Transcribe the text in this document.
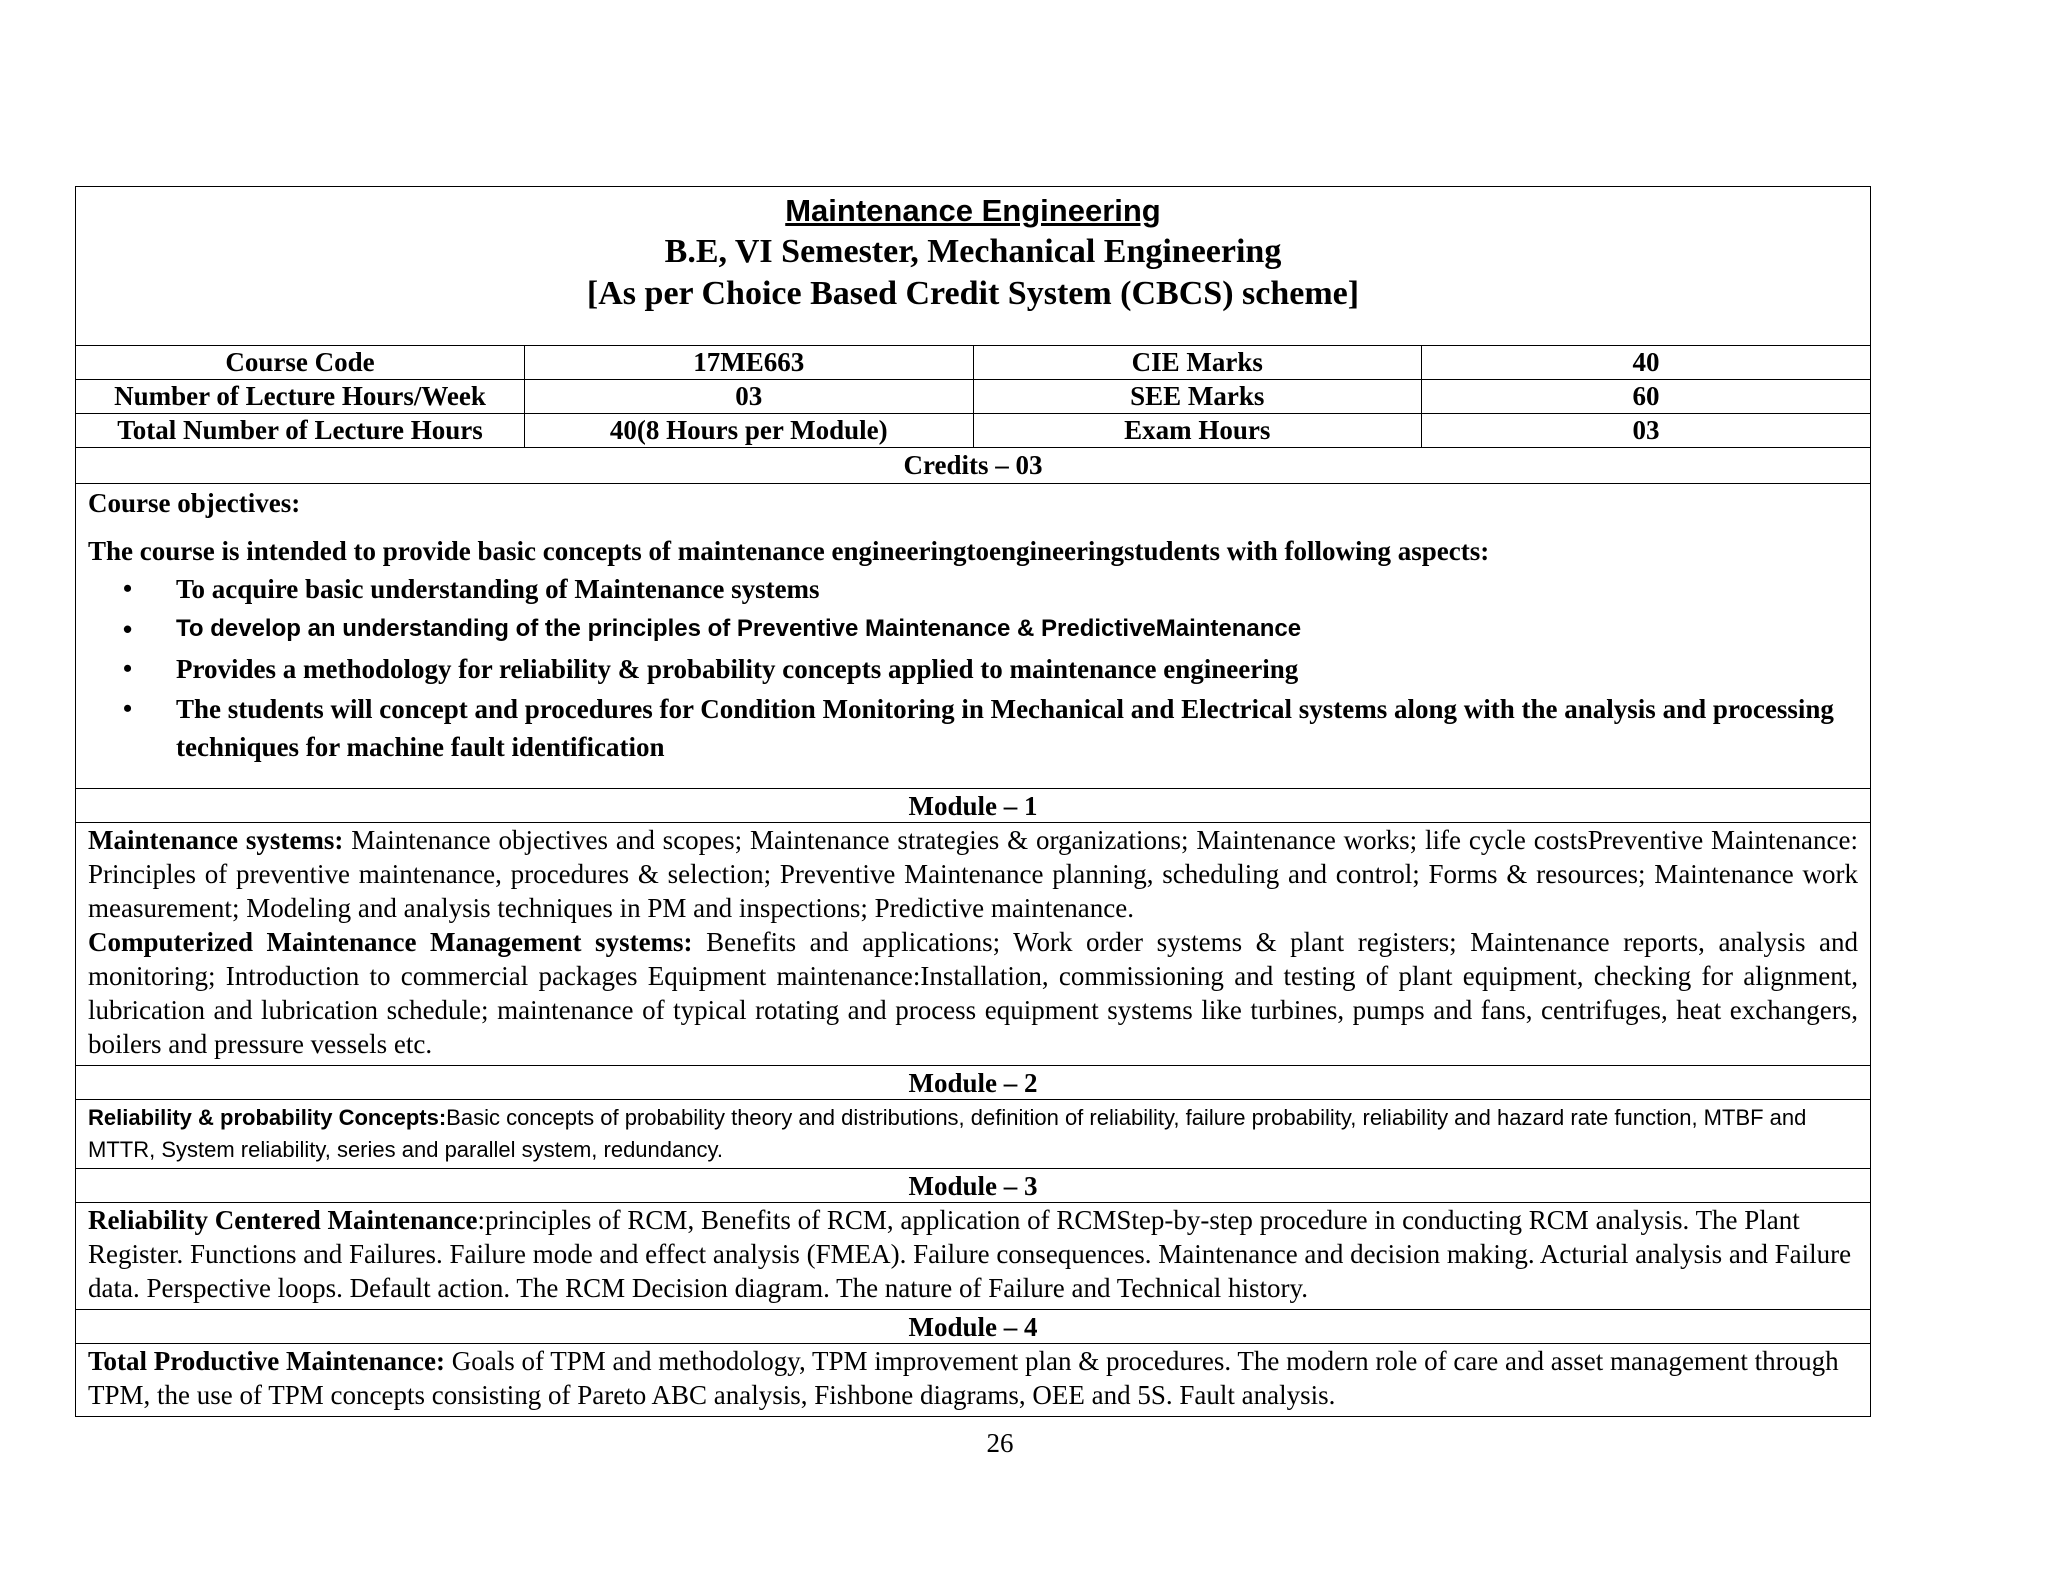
Maintenance Engineering
B.E, VI Semester, Mechanical Engineering
[As per Choice Based Credit System (CBCS) scheme]
Course Code	17ME663	CIE Marks	40
Number of Lecture Hours/Week	03	SEE Marks	60
Total Number of Lecture Hours	40(8 Hours per Module)	Exam Hours	03
Credits – 03
Course objectives:
The course is intended to provide basic concepts of maintenance engineeringtoengineeringstudents with following aspects:
• To acquire basic understanding of Maintenance systems
• To develop an understanding of the principles of Preventive Maintenance & PredictiveMaintenance
• Provides a methodology for reliability & probability concepts applied to maintenance engineering
• The students will concept and procedures for Condition Monitoring in Mechanical and Electrical systems along with the analysis and processing techniques for machine fault identification
Module – 1
Maintenance systems: Maintenance objectives and scopes; Maintenance strategies & organizations; Maintenance works; life cycle costsPreventive Maintenance: Principles of preventive maintenance, procedures & selection; Preventive Maintenance planning, scheduling and control; Forms & resources; Maintenance work measurement; Modeling and analysis techniques in PM and inspections; Predictive maintenance.
Computerized Maintenance Management systems: Benefits and applications; Work order systems & plant registers; Maintenance reports, analysis and monitoring; Introduction to commercial packages Equipment maintenance:Installation, commissioning and testing of plant equipment, checking for alignment, lubrication and lubrication schedule; maintenance of typical rotating and process equipment systems like turbines, pumps and fans, centrifuges, heat exchangers, boilers and pressure vessels etc.
Module – 2
Reliability & probability Concepts:Basic concepts of probability theory and distributions, definition of reliability, failure probability, reliability and hazard rate function, MTBF and MTTR, System reliability, series and parallel system, redundancy.
Module – 3
Reliability Centered Maintenance:principles of RCM, Benefits of RCM, application of RCMStep-by-step procedure in conducting RCM analysis. The Plant Register. Functions and Failures. Failure mode and effect analysis (FMEA). Failure consequences. Maintenance and decision making. Acturial analysis and Failure data. Perspective loops. Default action. The RCM Decision diagram. The nature of Failure and Technical history.
Module – 4
Total Productive Maintenance: Goals of TPM and methodology, TPM improvement plan & procedures. The modern role of care and asset management through TPM, the use of TPM concepts consisting of Pareto ABC analysis, Fishbone diagrams, OEE and 5S. Fault analysis.
26
